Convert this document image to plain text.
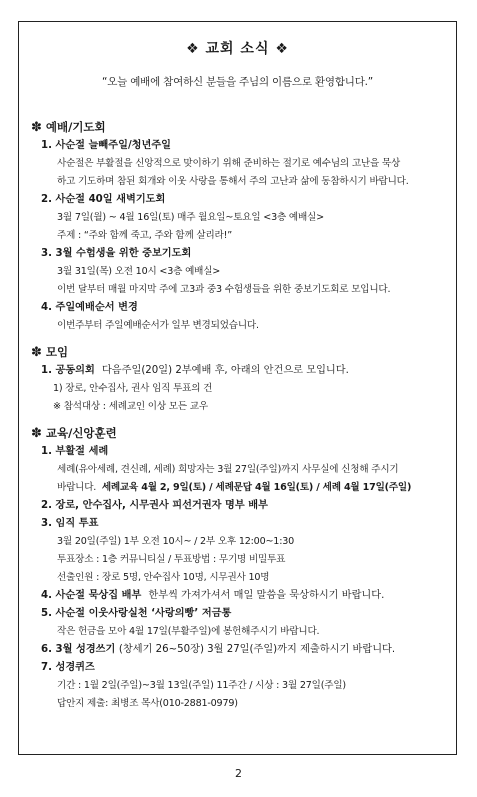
❖ 교회 소식 ❖
“오늘 예배에 참여하신 분들을 주님의 이름으로 환영합니다.”
✽ 예배/기도회
1. 사순절 늘빼주일/청년주일
사순절은 부활절을 신앙적으로 맞이하기 위해 준비하는 절기로 예수님의 고난을 묵상
하고 기도하며 참된 회개와 이웃 사랑을 통해서 주의 고난과 삶에 동참하시기 바랍니다.
2. 사순절 40일 새벽기도회
3월 7일(월) ~ 4월 16일(토) 매주 월요일~토요일 <3층 예배실>
주제 : “주와 함께 죽고, 주와 함께 살리라!”
3. 3월 수험생을 위한 중보기도회
3월 31일(목) 오전 10시 <3층 예배실>
이번 달부터 매월 마지막 주에 고3과 중3 수험생들을 위한 중보기도회로 모입니다.
4. 주일예배순서 변경
이번주부터 주일예배순서가 일부 변경되었습니다.
✽ 모임
1. 공동의회 다음주일(20일) 2부예배 후, 아래의 안건으로 모입니다.
1) 장로, 안수집사, 권사 임직 투표의 건
※ 참석대상 : 세례교인 이상 모든 교우
✽ 교육/신앙훈련
1. 부활절 세례
세례(유아세례, 견신례, 세례) 희망자는 3월 27일(주일)까지 사무실에 신청해 주시기
바랍니다. 세례교육 4월 2, 9일(토) / 세례문답 4월 16일(토) / 세례 4월 17일(주일)
2. 장로, 안수집사, 시무권사 피선거권자 명부 배부
3. 임직 투표
3월 20일(주일) 1부 오전 10시~ / 2부 오후 12:00~1:30
투표장소 : 1층 커뮤니티실 / 투표방법 : 무기명 비밀투표
선출인원 : 장로 5명, 안수집사 10명, 시무권사 10명
4. 사순절 묵상집 배부 한부씩 가져가셔서 매일 말씀을 묵상하시기 바랍니다.
5. 사순절 이웃사랑실천 ‘사랑의빵’ 저금통
작은 헌금을 모아 4월 17일(부활주일)에 봉헌해주시기 바랍니다.
6. 3월 성경쓰기 (창세기 26~50장) 3월 27일(주일)까지 제출하시기 바랍니다.
7. 성경퀴즈
기간 : 1월 2일(주일)~3월 13일(주일) 11주간 / 시상 : 3월 27일(주일)
답안지 제출: 최병조 목사(010-2881-0979)
2
